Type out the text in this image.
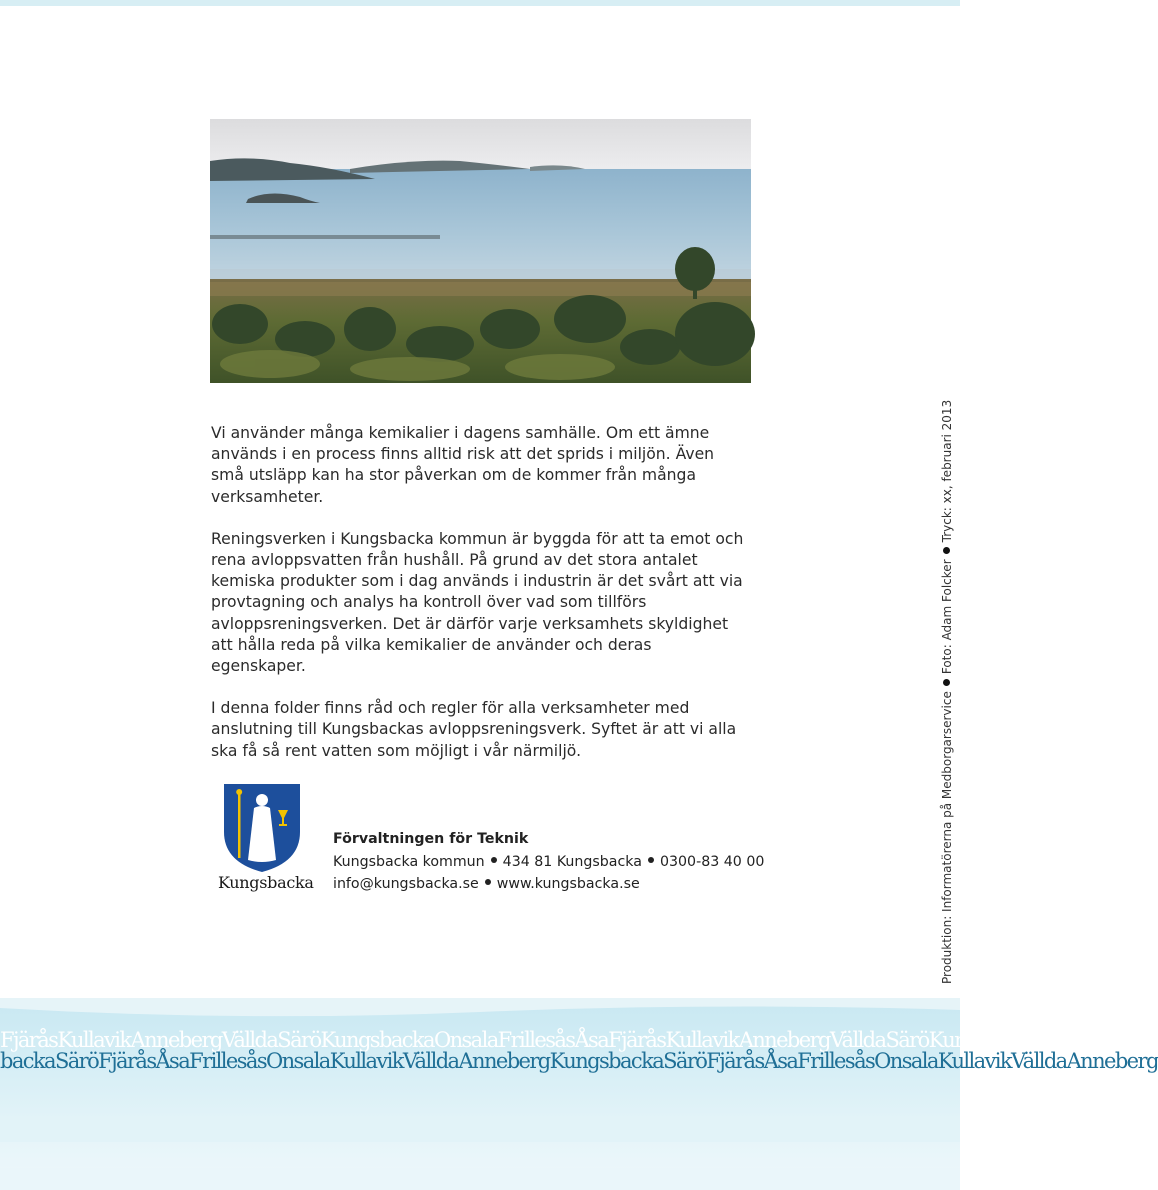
Vi använder många kemikalier i dagens samhälle. Om ett ämne används i en process finns alltid risk att det sprids i miljön. Även små utsläpp kan ha stor påverkan om de kommer från många verksamheter.

Reningsverken i Kungsbacka kommun är byggda för att ta emot och rena avloppsvatten från hushåll. På grund av det stora antalet kemiska produkter som i dag används i industrin är det svårt att via provtagning och analys ha kontroll över vad som tillförs avloppsreningsverken. Det är därför varje verksamhets skyldighet att hålla reda på vilka kemikalier de använder och deras egenskaper.

I denna folder finns råd och regler för alla verksamheter med anslutning till Kungsbackas avloppsreningsverk. Syftet är att vi alla ska få så rent vatten som möjligt i vår närmiljö.

Kungsbacka
Förvaltningen för Teknik
Kungsbacka kommun 434 81 Kungsbacka 0300-83 40 00
info@kungsbacka.se www.kungsbacka.se	Produktion: Informatörerna på MedborgarserviceFoto: Adam FolckerTryck: xx, februari 2013
FjäråsKullavikAnnebergVälldaSäröKungsbackaOnsalaFrillesåsÅsaFjäråsKullavikAnnebergVälldaSäröKungsbackaOnsala
backaSäröFjäråsÅsaFrillesåsOnsalaKullavikVälldaAnnebergKungsbackaSäröFjäråsÅsaFrillesåsOnsalaKullavikVälldaAnneberg
